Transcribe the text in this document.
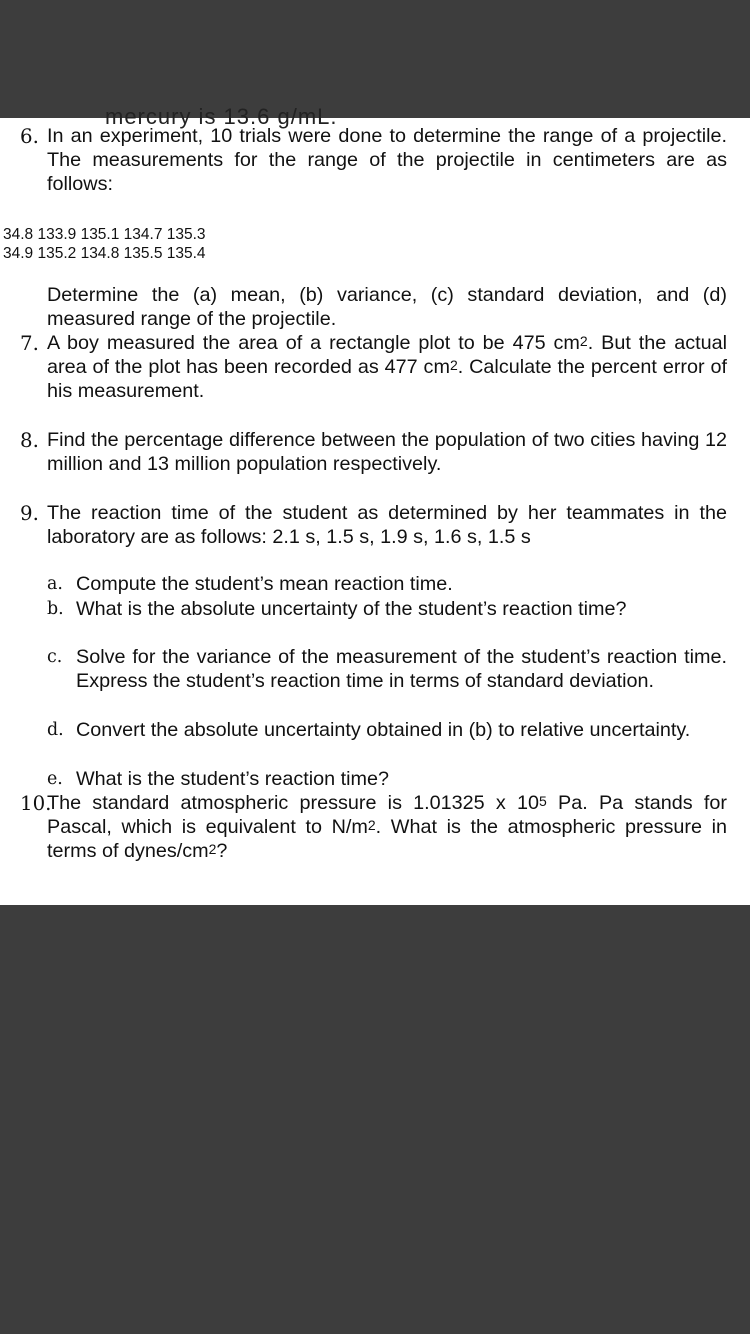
mercury is 13.6 g/mL.
6. In an experiment, 10 trials were done to determine the range of a projectile. The measurements for the range of the projectile in centimeters are as follows:
34.8 133.9 135.1 134.7 135.3
34.9 135.2 134.8 135.5 135.4
Determine the (a) mean, (b) variance, (c) standard deviation, and (d) measured range of the projectile.
7. A boy measured the area of a rectangle plot to be 475 $cm^2$. But the actual area of the plot has been recorded as 477 $cm^2$. Calculate the percent error of his measurement.
8. Find the percentage difference between the population of two cities having 12 million and 13 million population respectively.
9. The reaction time of the student as determined by her teammates in the laboratory are as follows: 2.1 s, 1.5 s, 1.9 s, 1.6 s, 1.5 s
a. Compute the student’s mean reaction time.
b. What is the absolute uncertainty of the student’s reaction time?
c. Solve for the variance of the measurement of the student’s reaction time. Express the student’s reaction time in terms of standard deviation.
d. Convert the absolute uncertainty obtained in (b) to relative uncertainty.
e. What is the student’s reaction time?
10.
The standard atmospheric pressure is 1.01325 x $10^5$ Pa. Pa stands for Pascal, which is equivalent to $N/m^2$. What is the atmospheric pressure in terms of dynes/$cm^2$?
